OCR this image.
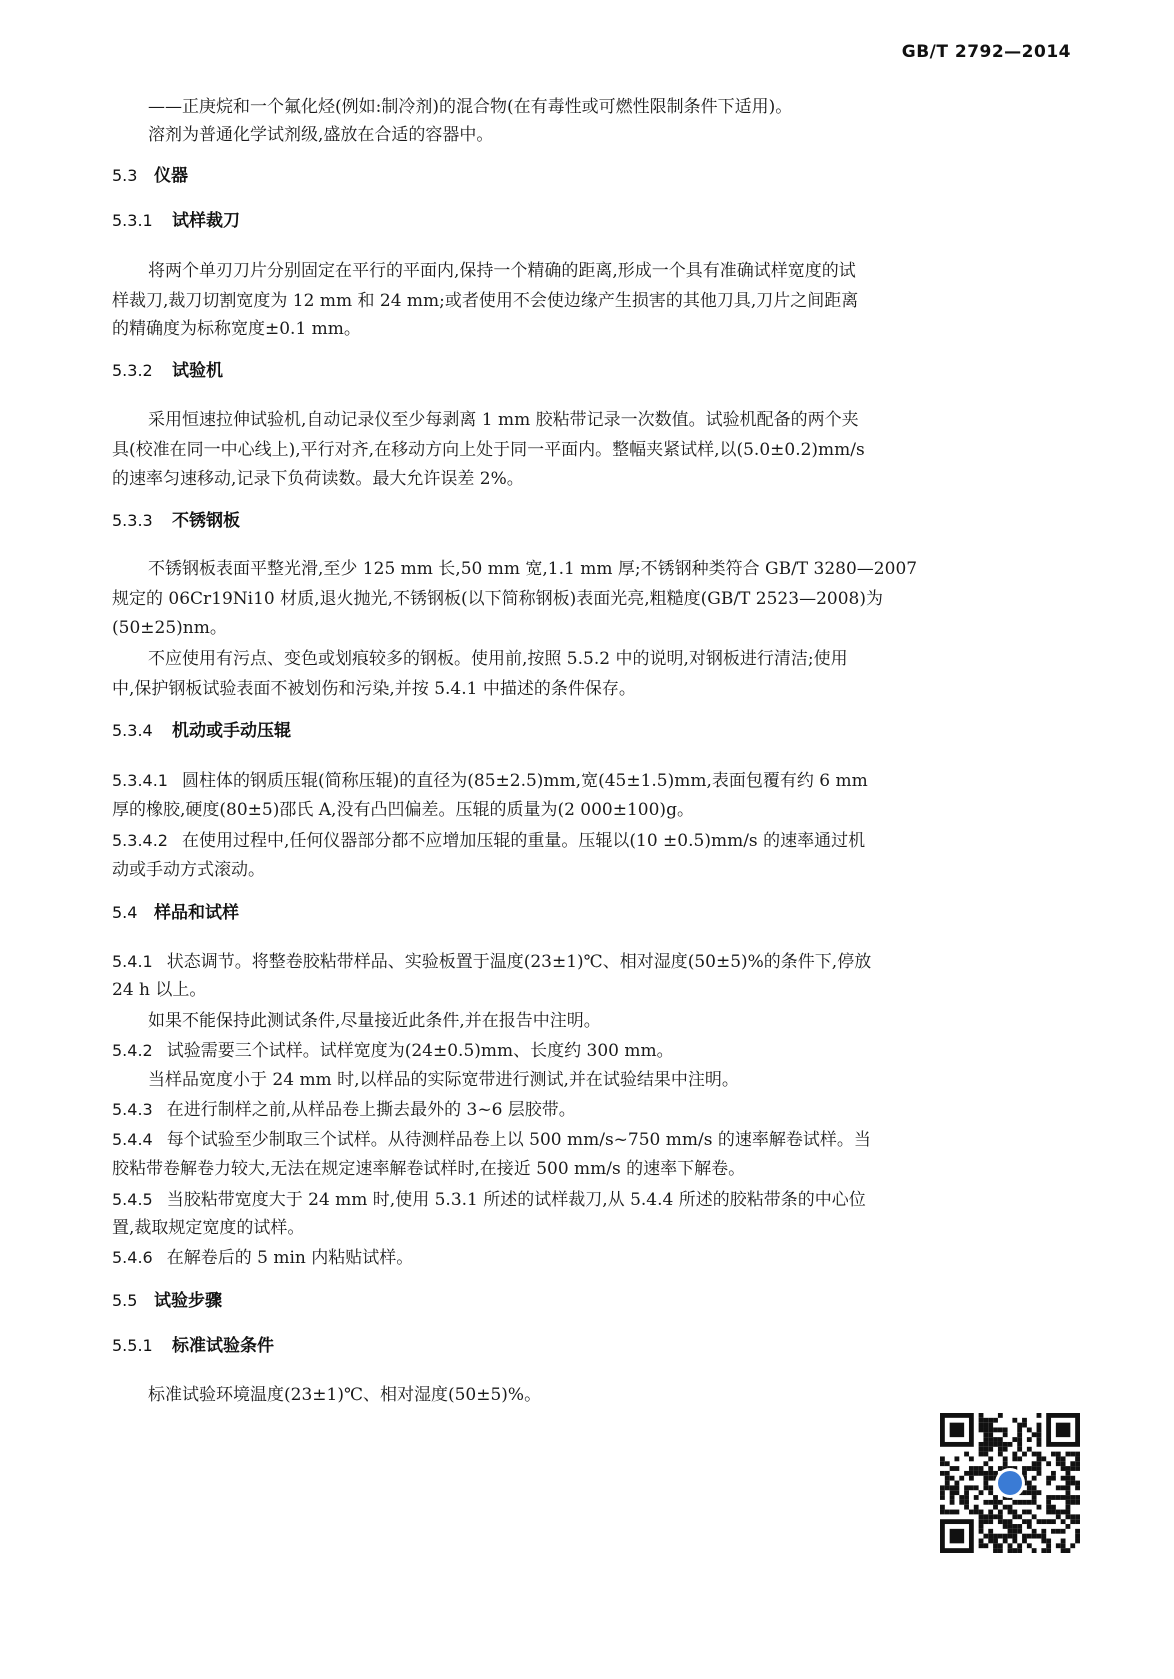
GB/T 2792—2014
——正庚烷和一个氟化烃(例如:制冷剂)的混合物(在有毒性或可燃性限制条件下适用)。
溶剂为普通化学试剂级,盛放在合适的容器中。
5.3 仪器
5.3.1 试样裁刀
将两个单刃刀片分别固定在平行的平面内,保持一个精确的距离,形成一个具有准确试样宽度的试
样裁刀,裁刀切割宽度为 12 mm 和 24 mm;或者使用不会使边缘产生损害的其他刀具,刀片之间距离
的精确度为标称宽度±0.1 mm。
5.3.2 试验机
采用恒速拉伸试验机,自动记录仪至少每剥离 1 mm 胶粘带记录一次数值。试验机配备的两个夹
具(校准在同一中心线上),平行对齐,在移动方向上处于同一平面内。整幅夹紧试样,以(5.0±0.2)mm/s
的速率匀速移动,记录下负荷读数。最大允许误差 2%。
5.3.3 不锈钢板
不锈钢板表面平整光滑,至少 125 mm 长,50 mm 宽,1.1 mm 厚;不锈钢种类符合 GB/T 3280—2007
规定的 06Cr19Ni10 材质,退火抛光,不锈钢板(以下简称钢板)表面光亮,粗糙度(GB/T 2523—2008)为
(50±25)nm。
不应使用有污点、变色或划痕较多的钢板。使用前,按照 5.5.2 中的说明,对钢板进行清洁;使用
中,保护钢板试验表面不被划伤和污染,并按 5.4.1 中描述的条件保存。
5.3.4 机动或手动压辊
5.3.4.1 圆柱体的钢质压辊(简称压辊)的直径为(85±2.5)mm,宽(45±1.5)mm,表面包覆有约 6 mm
厚的橡胶,硬度(80±5)邵氏 A,没有凸凹偏差。压辊的质量为(2 000±100)g。
5.3.4.2 在使用过程中,任何仪器部分都不应增加压辊的重量。压辊以(10 ±0.5)mm/s 的速率通过机
动或手动方式滚动。
5.4 样品和试样
5.4.1 状态调节。将整卷胶粘带样品、实验板置于温度(23±1)℃、相对湿度(50±5)%的条件下,停放
24 h 以上。
如果不能保持此测试条件,尽量接近此条件,并在报告中注明。
5.4.2 试验需要三个试样。试样宽度为(24±0.5)mm、长度约 300 mm。
当样品宽度小于 24 mm 时,以样品的实际宽带进行测试,并在试验结果中注明。
5.4.3 在进行制样之前,从样品卷上撕去最外的 3~6 层胶带。
5.4.4 每个试验至少制取三个试样。从待测样品卷上以 500 mm/s~750 mm/s 的速率解卷试样。当
胶粘带卷解卷力较大,无法在规定速率解卷试样时,在接近 500 mm/s 的速率下解卷。
5.4.5 当胶粘带宽度大于 24 mm 时,使用 5.3.1 所述的试样裁刀,从 5.4.4 所述的胶粘带条的中心位
置,裁取规定宽度的试样。
5.4.6 在解卷后的 5 min 内粘贴试样。
5.5 试验步骤
5.5.1 标准试验条件
标准试验环境温度(23±1)℃、相对湿度(50±5)%。
